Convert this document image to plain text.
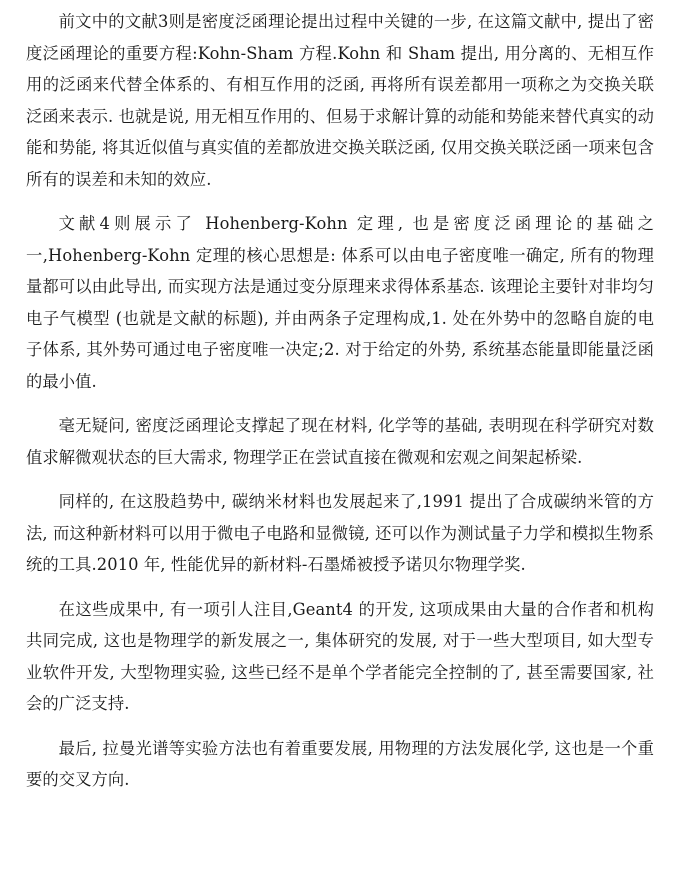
前文中的文献3则是密度泛函理论提出过程中关键的一步, 在这篇文献中, 提出了密度泛函理论的重要方程:Kohn-Sham 方程.Kohn 和 Sham 提出, 用分离的、无相互作用的泛函来代替全体系的、有相互作用的泛函, 再将所有误差都用一项称之为交换关联泛函来表示. 也就是说, 用无相互作用的、但易于求解计算的动能和势能来替代真实的动能和势能, 将其近似值与真实值的差都放进交换关联泛函, 仅用交换关联泛函一项来包含所有的误差和未知的效应.

文献4则展示了 Hohenberg-Kohn 定理, 也是密度泛函理论的基础之一,Hohenberg-Kohn 定理的核心思想是: 体系可以由电子密度唯一确定, 所有的物理量都可以由此导出, 而实现方法是通过变分原理来求得体系基态. 该理论主要针对非均匀电子气模型 (也就是文献的标题), 并由两条子定理构成,1. 处在外势中的忽略自旋的电子体系, 其外势可通过电子密度唯一决定;2. 对于给定的外势, 系统基态能量即能量泛函的最小值.

毫无疑问, 密度泛函理论支撑起了现在材料, 化学等的基础, 表明现在科学研究对数值求解微观状态的巨大需求, 物理学正在尝试直接在微观和宏观之间架起桥梁.

同样的, 在这股趋势中, 碳纳米材料也发展起来了,1991 提出了合成碳纳米管的方法, 而这种新材料可以用于微电子电路和显微镜, 还可以作为测试量子力学和模拟生物系统的工具.2010 年, 性能优异的新材料-石墨烯被授予诺贝尔物理学奖.

在这些成果中, 有一项引人注目,Geant4 的开发, 这项成果由大量的合作者和机构共同完成, 这也是物理学的新发展之一, 集体研究的发展, 对于一些大型项目, 如大型专业软件开发, 大型物理实验, 这些已经不是单个学者能完全控制的了, 甚至需要国家, 社会的广泛支持.

最后, 拉曼光谱等实验方法也有着重要发展, 用物理的方法发展化学, 这也是一个重要的交叉方向.
